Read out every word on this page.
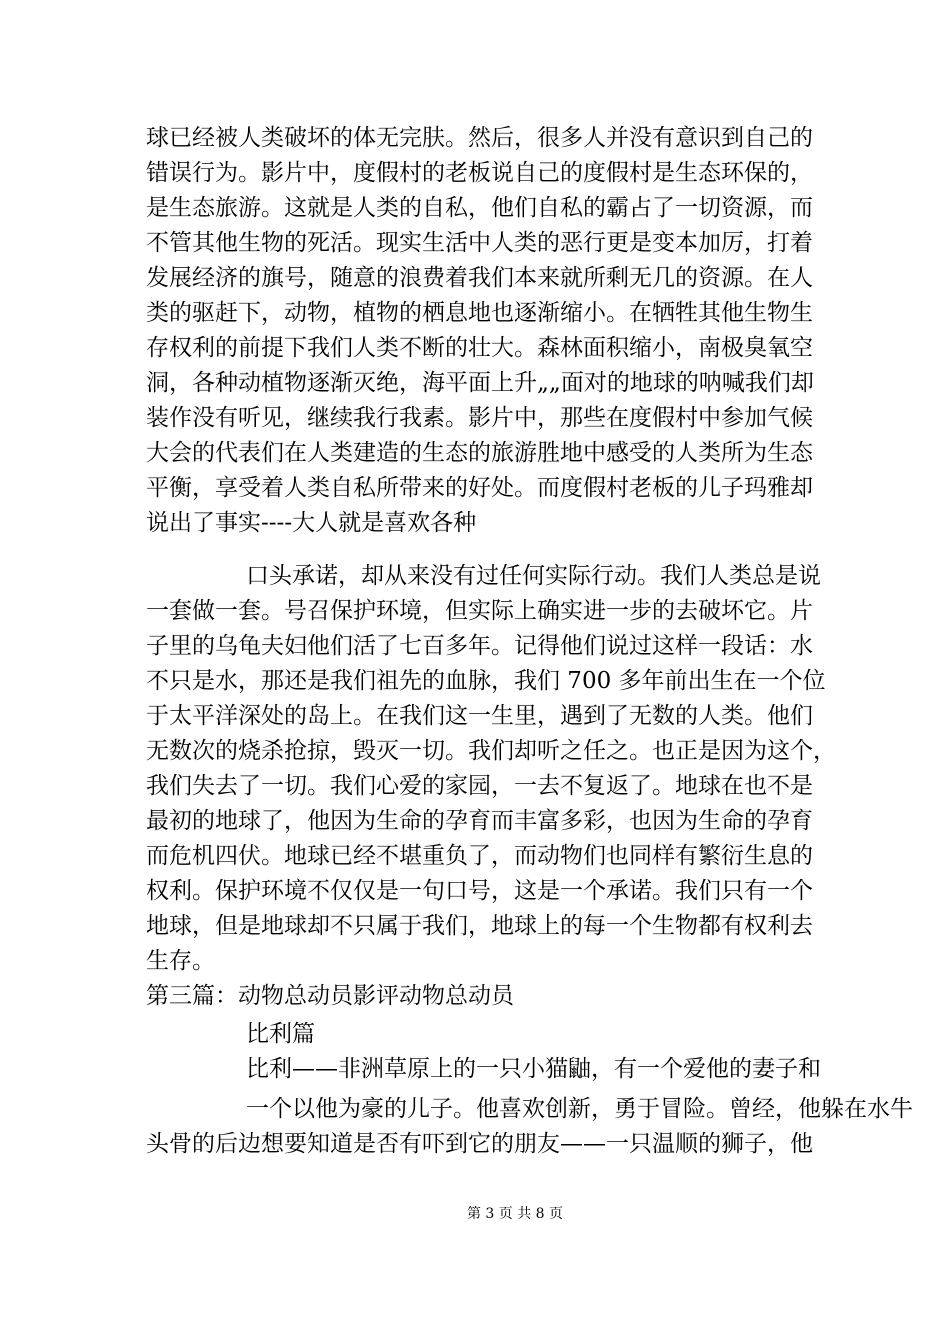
球已经被人类破坏的体无完肤。然后，很多人并没有意识到自己的
错误行为。影片中，度假村的老板说自己的度假村是生态环保的，
是生态旅游。这就是人类的自私，他们自私的霸占了一切资源，而
不管其他生物的死活。现实生活中人类的恶行更是变本加厉，打着
发展经济的旗号，随意的浪费着我们本来就所剩无几的资源。在人
类的驱赶下，动物，植物的栖息地也逐渐缩小。在牺牲其他生物生
存权利的前提下我们人类不断的壮大。森林面积缩小，南极臭氧空
洞，各种动植物逐渐灭绝，海平面上升„„面对的地球的呐喊我们却
装作没有听见，继续我行我素。影片中，那些在度假村中参加气候
大会的代表们在人类建造的生态的旅游胜地中感受的人类所为生态
平衡，享受着人类自私所带来的好处。而度假村老板的儿子玛雅却
说出了事实----大人就是喜欢各种
口头承诺，却从来没有过任何实际行动。我们人类总是说
一套做一套。号召保护环境，但实际上确实进一步的去破坏它。片
子里的乌龟夫妇他们活了七百多年。记得他们说过这样一段话：水
不只是水，那还是我们祖先的血脉，我们 700 多年前出生在一个位
于太平洋深处的岛上。在我们这一生里，遇到了无数的人类。他们
无数次的烧杀抢掠，毁灭一切。我们却听之任之。也正是因为这个，
我们失去了一切。我们心爱的家园，一去不复返了。地球在也不是
最初的地球了，他因为生命的孕育而丰富多彩，也因为生命的孕育
而危机四伏。地球已经不堪重负了，而动物们也同样有繁衍生息的
权利。保护环境不仅仅是一句口号，这是一个承诺。我们只有一个
地球，但是地球却不只属于我们，地球上的每一个生物都有权利去
生存。
第三篇：动物总动员影评动物总动员
比利篇
比利——非洲草原上的一只小猫鼬，有一个爱他的妻子和
一个以他为豪的儿子。他喜欢创新，勇于冒险。曾经，他躲在水牛
头骨的后边想要知道是否有吓到它的朋友——一只温顺的狮子，他
第 3 页 共 8 页
